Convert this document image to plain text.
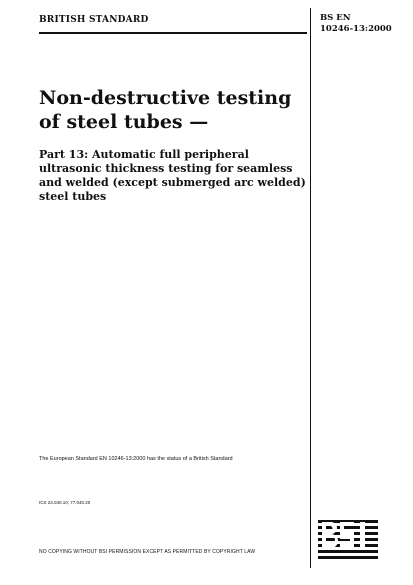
BRITISH STANDARD	BS EN
10246-13:2000
Non-destructive testing of steel tubes —
Part 13: Automatic full peripheral ultrasonic thickness testing for seamless and welded (except submerged arc welded) steel tubes
The European Standard EN 10246-13:2000 has the status of a British Standard
ICS 23.040.10; 77.040.20
NO COPYING WITHOUT BSI PERMISSION EXCEPT AS PERMITTED BY COPYRIGHT LAW
